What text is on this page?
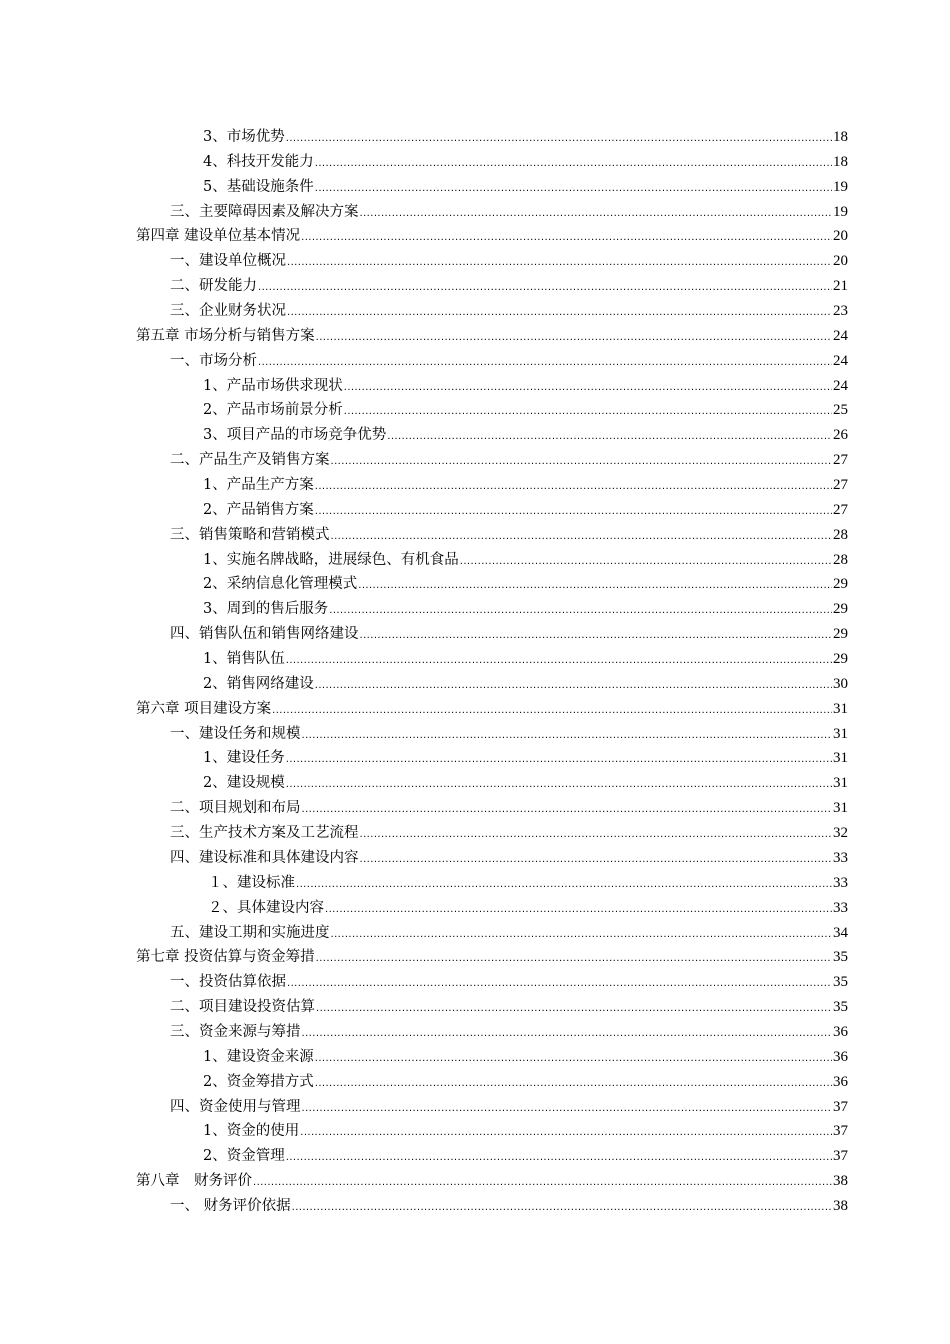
3、市场优势 .....	18
4、科技开发能力 .....	18
5、基础设施条件 .....	19
三、主要障碍因素及解决方案 .....	19
第四章 建设单位基本情况 .....	20
一、建设单位概况 .....	20
二、研发能力 .....	21
三、企业财务状况 .....	23
第五章 市场分析与销售方案 .....	24
一、市场分析 .....	24
1、产品市场供求现状 .....	24
2、产品市场前景分析 .....	25
3、项目产品的市场竞争优势 .....	26
二、产品生产及销售方案 .....	27
1、产品生产方案 .....	27
2、产品销售方案 .....	27
三、销售策略和营销模式 .....	28
1、实施名牌战略，进展绿色、有机食品 .....	28
2、采纳信息化管理模式 .....	29
3、周到的售后服务 .....	29
四、销售队伍和销售网络建设 .....	29
1、销售队伍 .....	29
2、销售网络建设 .....	30
第六章 项目建设方案 .....	31
一、建设任务和规模 .....	31
1、建设任务 .....	31
2、建设规模 .....	31
二、项目规划和布局 .....	31
三、生产技术方案及工艺流程 .....	32
四、建设标准和具体建设内容 .....	33
１、建设标准 .....	33
２、具体建设内容 .....	33
五、建设工期和实施进度 .....	34
第七章 投资估算与资金筹措 .....	35
一、投资估算依据 .....	35
二、项目建设投资估算 .....	35
三、资金来源与筹措 .....	36
1、建设资金来源 .....	36
2、资金筹措方式 .....	36
四、资金使用与管理 .....	37
1、资金的使用 .....	37
2、资金管理 .....	37
第八章　财务评价 .....	38
一、 财务评价依据 .....	38
